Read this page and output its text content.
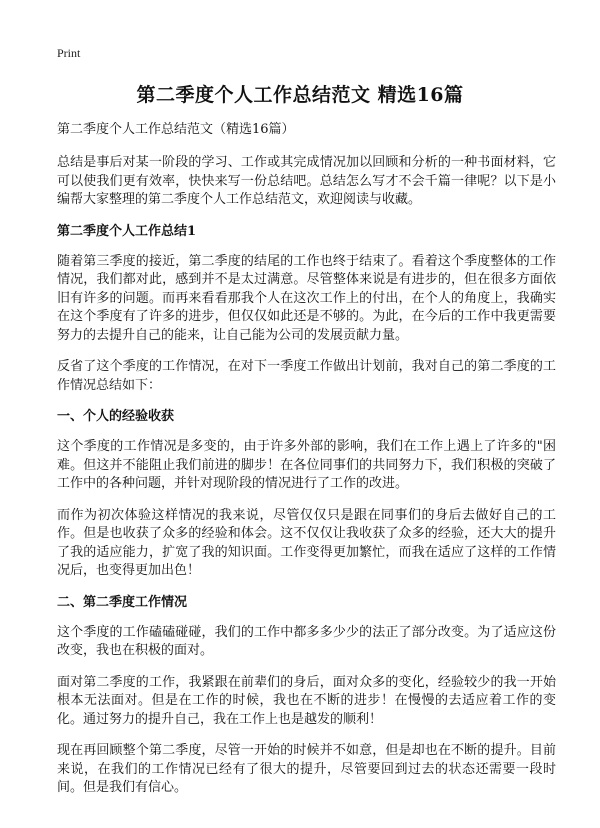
Print
第二季度个人工作总结范文 精选16篇
第二季度个人工作总结范文（精选16篇）

总结是事后对某一阶段的学习、工作或其完成情况加以回顾和分析的一种书面材料，它可以使我们更有效率，快快来写一份总结吧。总结怎么写才不会千篇一律呢？以下是小编帮大家整理的第二季度个人工作总结范文，欢迎阅读与收藏。

第二季度个人工作总结1

随着第三季度的接近，第二季度的结尾的工作也终于结束了。看着这个季度整体的工作情况，我们都对此，感到并不是太过满意。尽管整体来说是有进步的，但在很多方面依旧有许多的问题。而再来看看那我个人在这次工作上的付出，在个人的角度上，我确实在这个季度有了许多的进步，但仅仅如此还是不够的。为此，在今后的工作中我更需要努力的去提升自己的能来，让自己能为公司的发展贡献力量。

反省了这个季度的工作情况，在对下一季度工作做出计划前，我对自己的第二季度的工作情况总结如下：

一、个人的经验收获

这个季度的工作情况是多变的，由于许多外部的影响，我们在工作上遇上了许多的"困难。但这并不能阻止我们前进的脚步！在各位同事们的共同努力下，我们积极的突破了工作中的各种问题，并针对现阶段的情况进行了工作的改进。

而作为初次体验这样情况的我来说，尽管仅仅只是跟在同事们的身后去做好自己的工作。但是也收获了众多的经验和体会。这不仅仅让我收获了众多的经验，还大大的提升了我的适应能力，扩宽了我的知识面。工作变得更加繁忙，而我在适应了这样的工作情况后，也变得更加出色！

二、第二季度工作情况

这个季度的工作磕磕碰碰，我们的工作中都多多少少的法正了部分改变。为了适应这份改变，我也在积极的面对。

面对第二季度的工作，我紧跟在前辈们的身后，面对众多的变化，经验较少的我一开始根本无法面对。但是在工作的时候，我也在不断的进步！在慢慢的去适应着工作的变化。通过努力的提升自己，我在工作上也是越发的顺利！

现在再回顾整个第二季度，尽管一开始的时候并不如意，但是却也在不断的提升。目前来说，在我们的工作情况已经有了很大的提升，尽管要回到过去的状态还需要一段时间。但是我们有信心。
